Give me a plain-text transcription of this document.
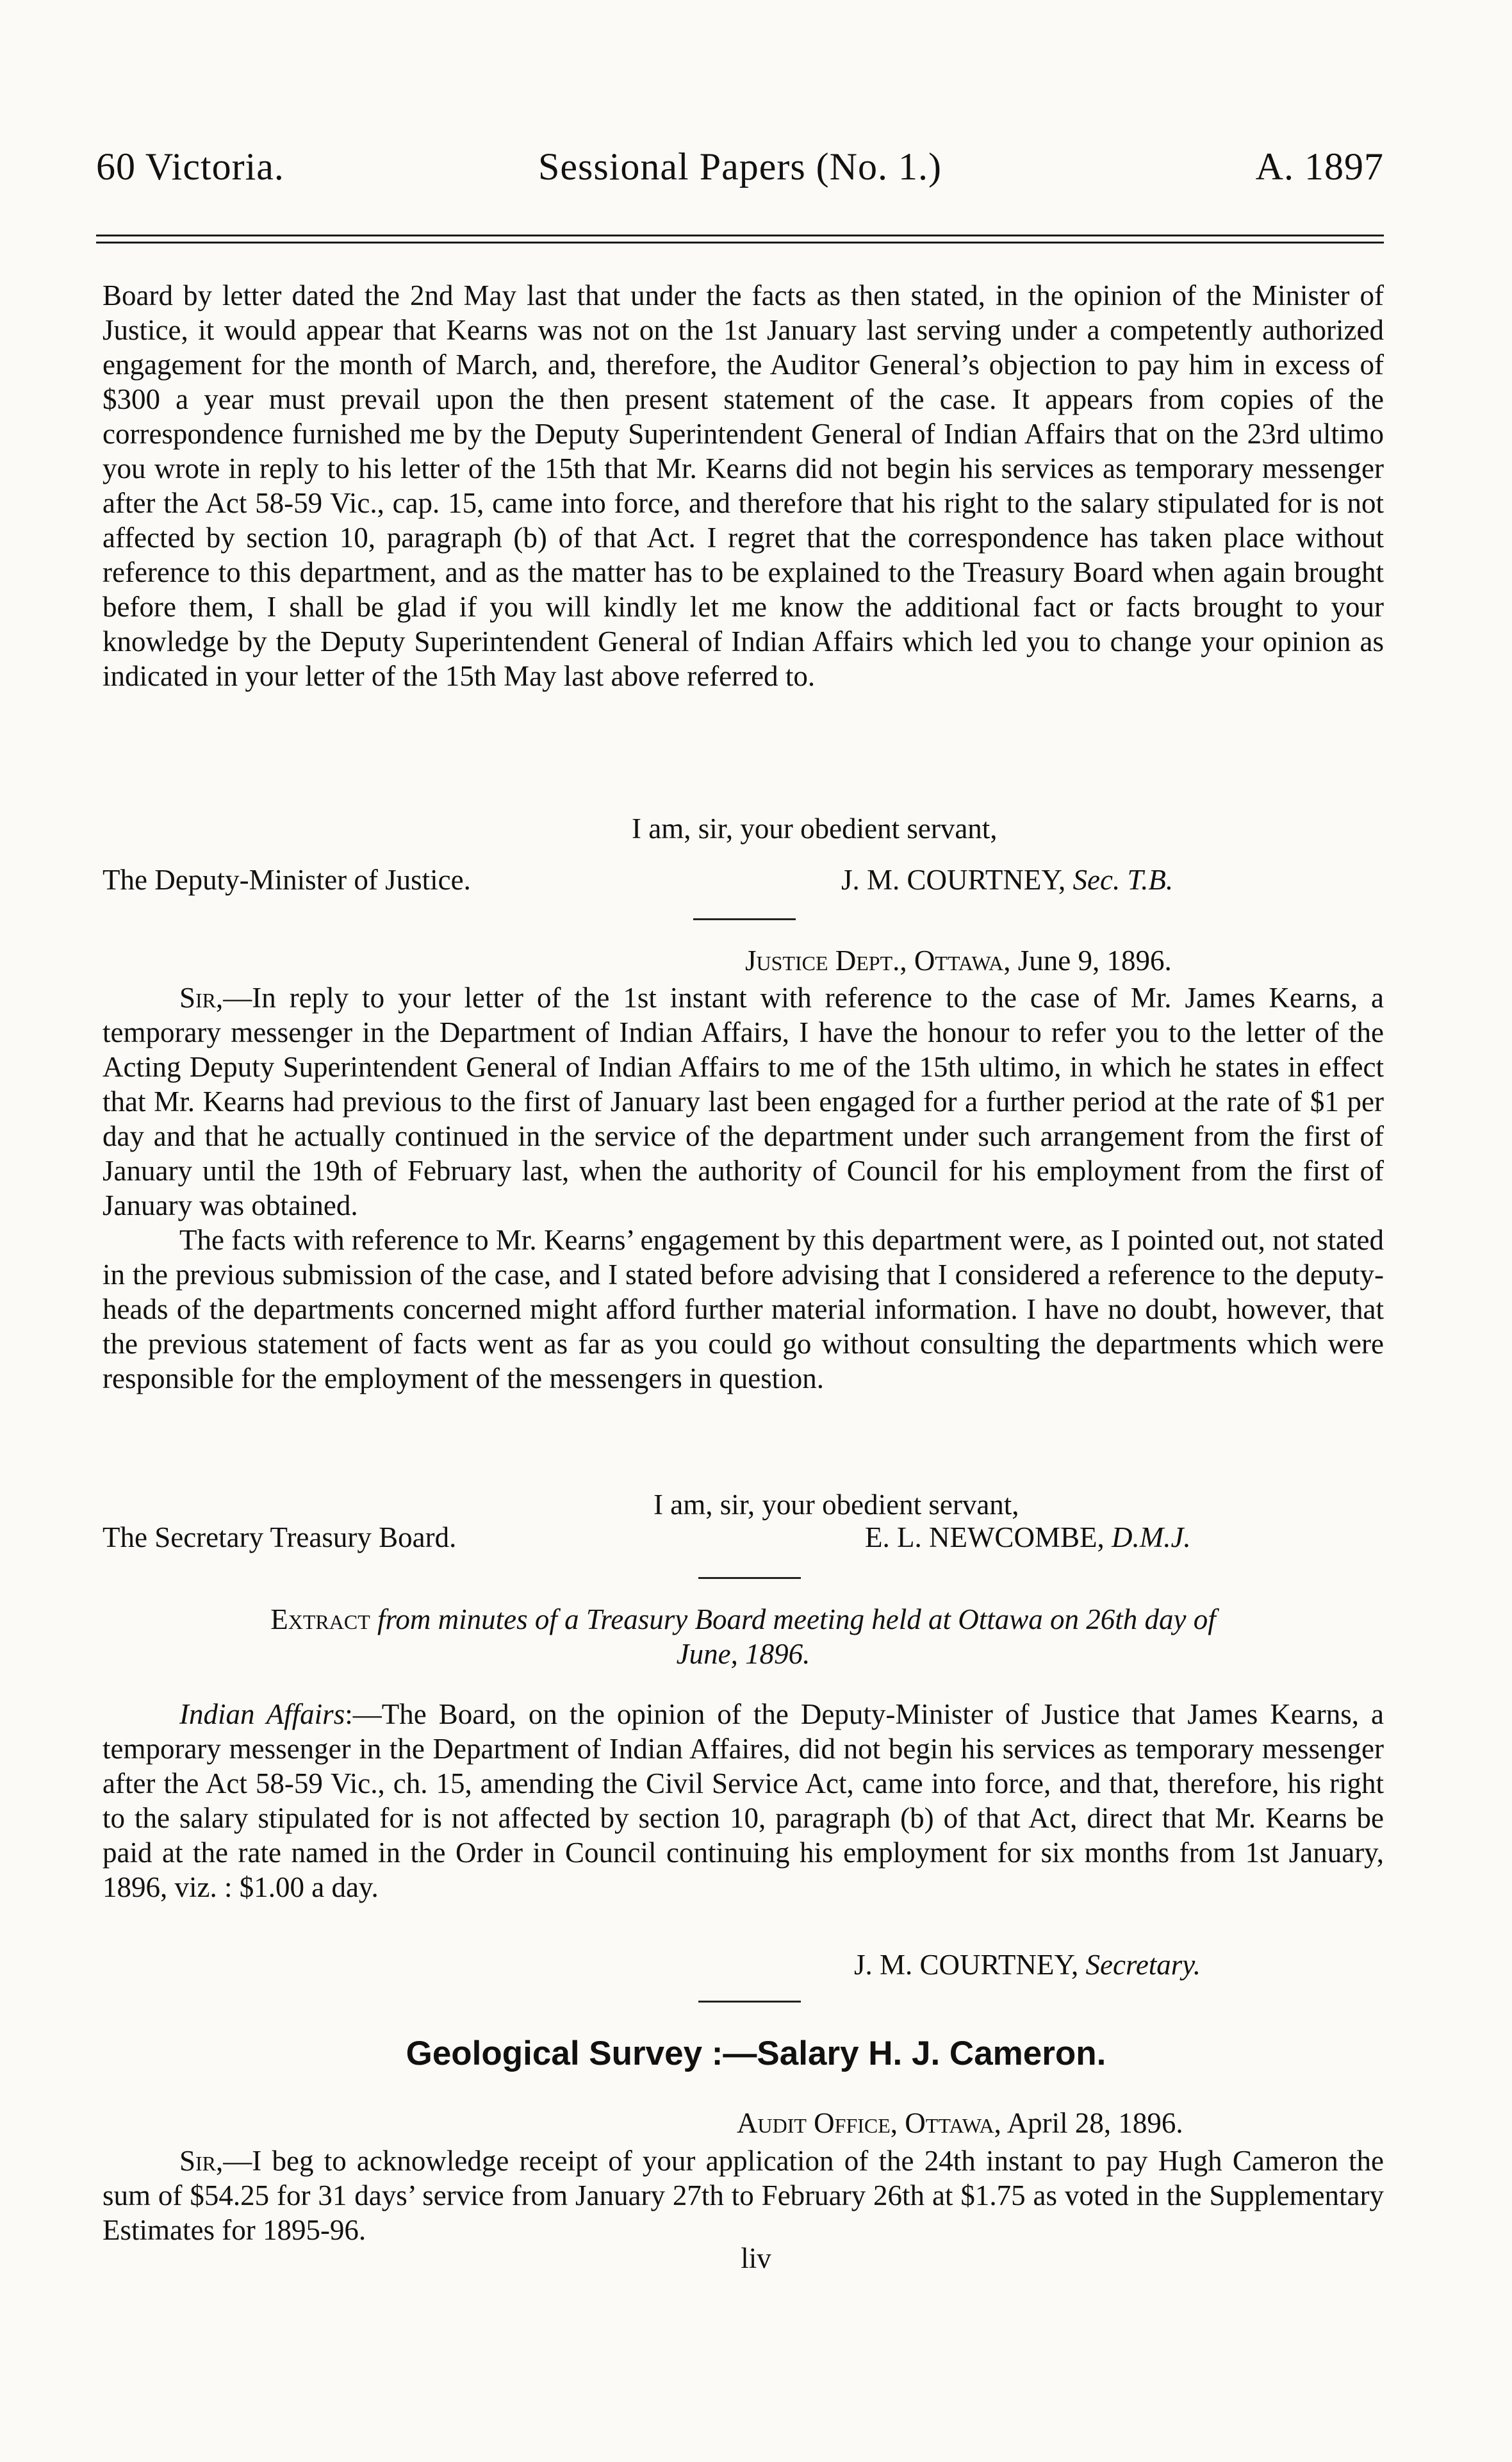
60 Victoria.	Sessional Papers (No. 1.)	A. 1897

Board by letter dated the 2nd May last that under the facts as then stated, in the opinion of the Minister of Justice, it would appear that Kearns was not on the 1st January last serving under a competently authorized engagement for the month of March, and, therefore, the Auditor General’s objection to pay him in excess of $300 a year must prevail upon the then present statement of the case. It appears from copies of the correspondence furnished me by the Deputy Superintendent General of Indian Affairs that on the 23rd ultimo you wrote in reply to his letter of the 15th that Mr. Kearns did not begin his services as temporary messenger after the Act 58-59 Vic., cap. 15, came into force, and therefore that his right to the salary stipulated for is not affected by section 10, paragraph (b) of that Act. I regret that the correspondence has taken place without reference to this department, and as the matter has to be explained to the Treasury Board when again brought before them, I shall be glad if you will kindly let me know the additional fact or facts brought to your knowledge by the Deputy Superintendent General of Indian Affairs which led you to change your opinion as indicated in your letter of the 15th May last above referred to.

I am, sir, your obedient servant,
The Deputy-Minister of Justice.	J. M. COURTNEY, Sec. T.B.
Justice Dept., Ottawa, June 9, 1896.

Sir,—In reply to your letter of the 1st instant with reference to the case of Mr. James Kearns, a temporary messenger in the Department of Indian Affairs, I have the honour to refer you to the letter of the Acting Deputy Superintendent General of Indian Affairs to me of the 15th ultimo, in which he states in effect that Mr. Kearns had previous to the first of January last been engaged for a further period at the rate of $1 per day and that he actually continued in the service of the department under such arrangement from the first of January until the 19th of February last, when the authority of Council for his employment from the first of January was obtained.

The facts with reference to Mr. Kearns’ engagement by this department were, as I pointed out, not stated in the previous submission of the case, and I stated before advising that I considered a reference to the deputy-heads of the departments concerned might afford further material information. I have no doubt, however, that the previous statement of facts went as far as you could go without consulting the departments which were responsible for the employment of the messengers in question.

I am, sir, your obedient servant,
The Secretary Treasury Board.	E. L. NEWCOMBE, D.M.J.

Extract from minutes of a Treasury Board meeting held at Ottawa on 26th day of

June, 1896.

Indian Affairs:—The Board, on the opinion of the Deputy-Minister of Justice that James Kearns, a temporary messenger in the Department of Indian Affaires, did not begin his services as temporary messenger after the Act 58-59 Vic., ch. 15, amending the Civil Service Act, came into force, and that, therefore, his right to the salary stipulated for is not affected by section 10, paragraph (b) of that Act, direct that Mr. Kearns be paid at the rate named in the Order in Council continuing his employment for six months from 1st January, 1896, viz. : $1.00 a day.

J. M. COURTNEY, Secretary.
Geological Survey :—Salary H. J. Cameron.
Audit Office, Ottawa, April 28, 1896.

Sir,—I beg to acknowledge receipt of your application of the 24th instant to pay Hugh Cameron the sum of $54.25 for 31 days’ service from January 27th to February 26th at $1.75 as voted in the Supplementary Estimates for 1895-96.

liv
